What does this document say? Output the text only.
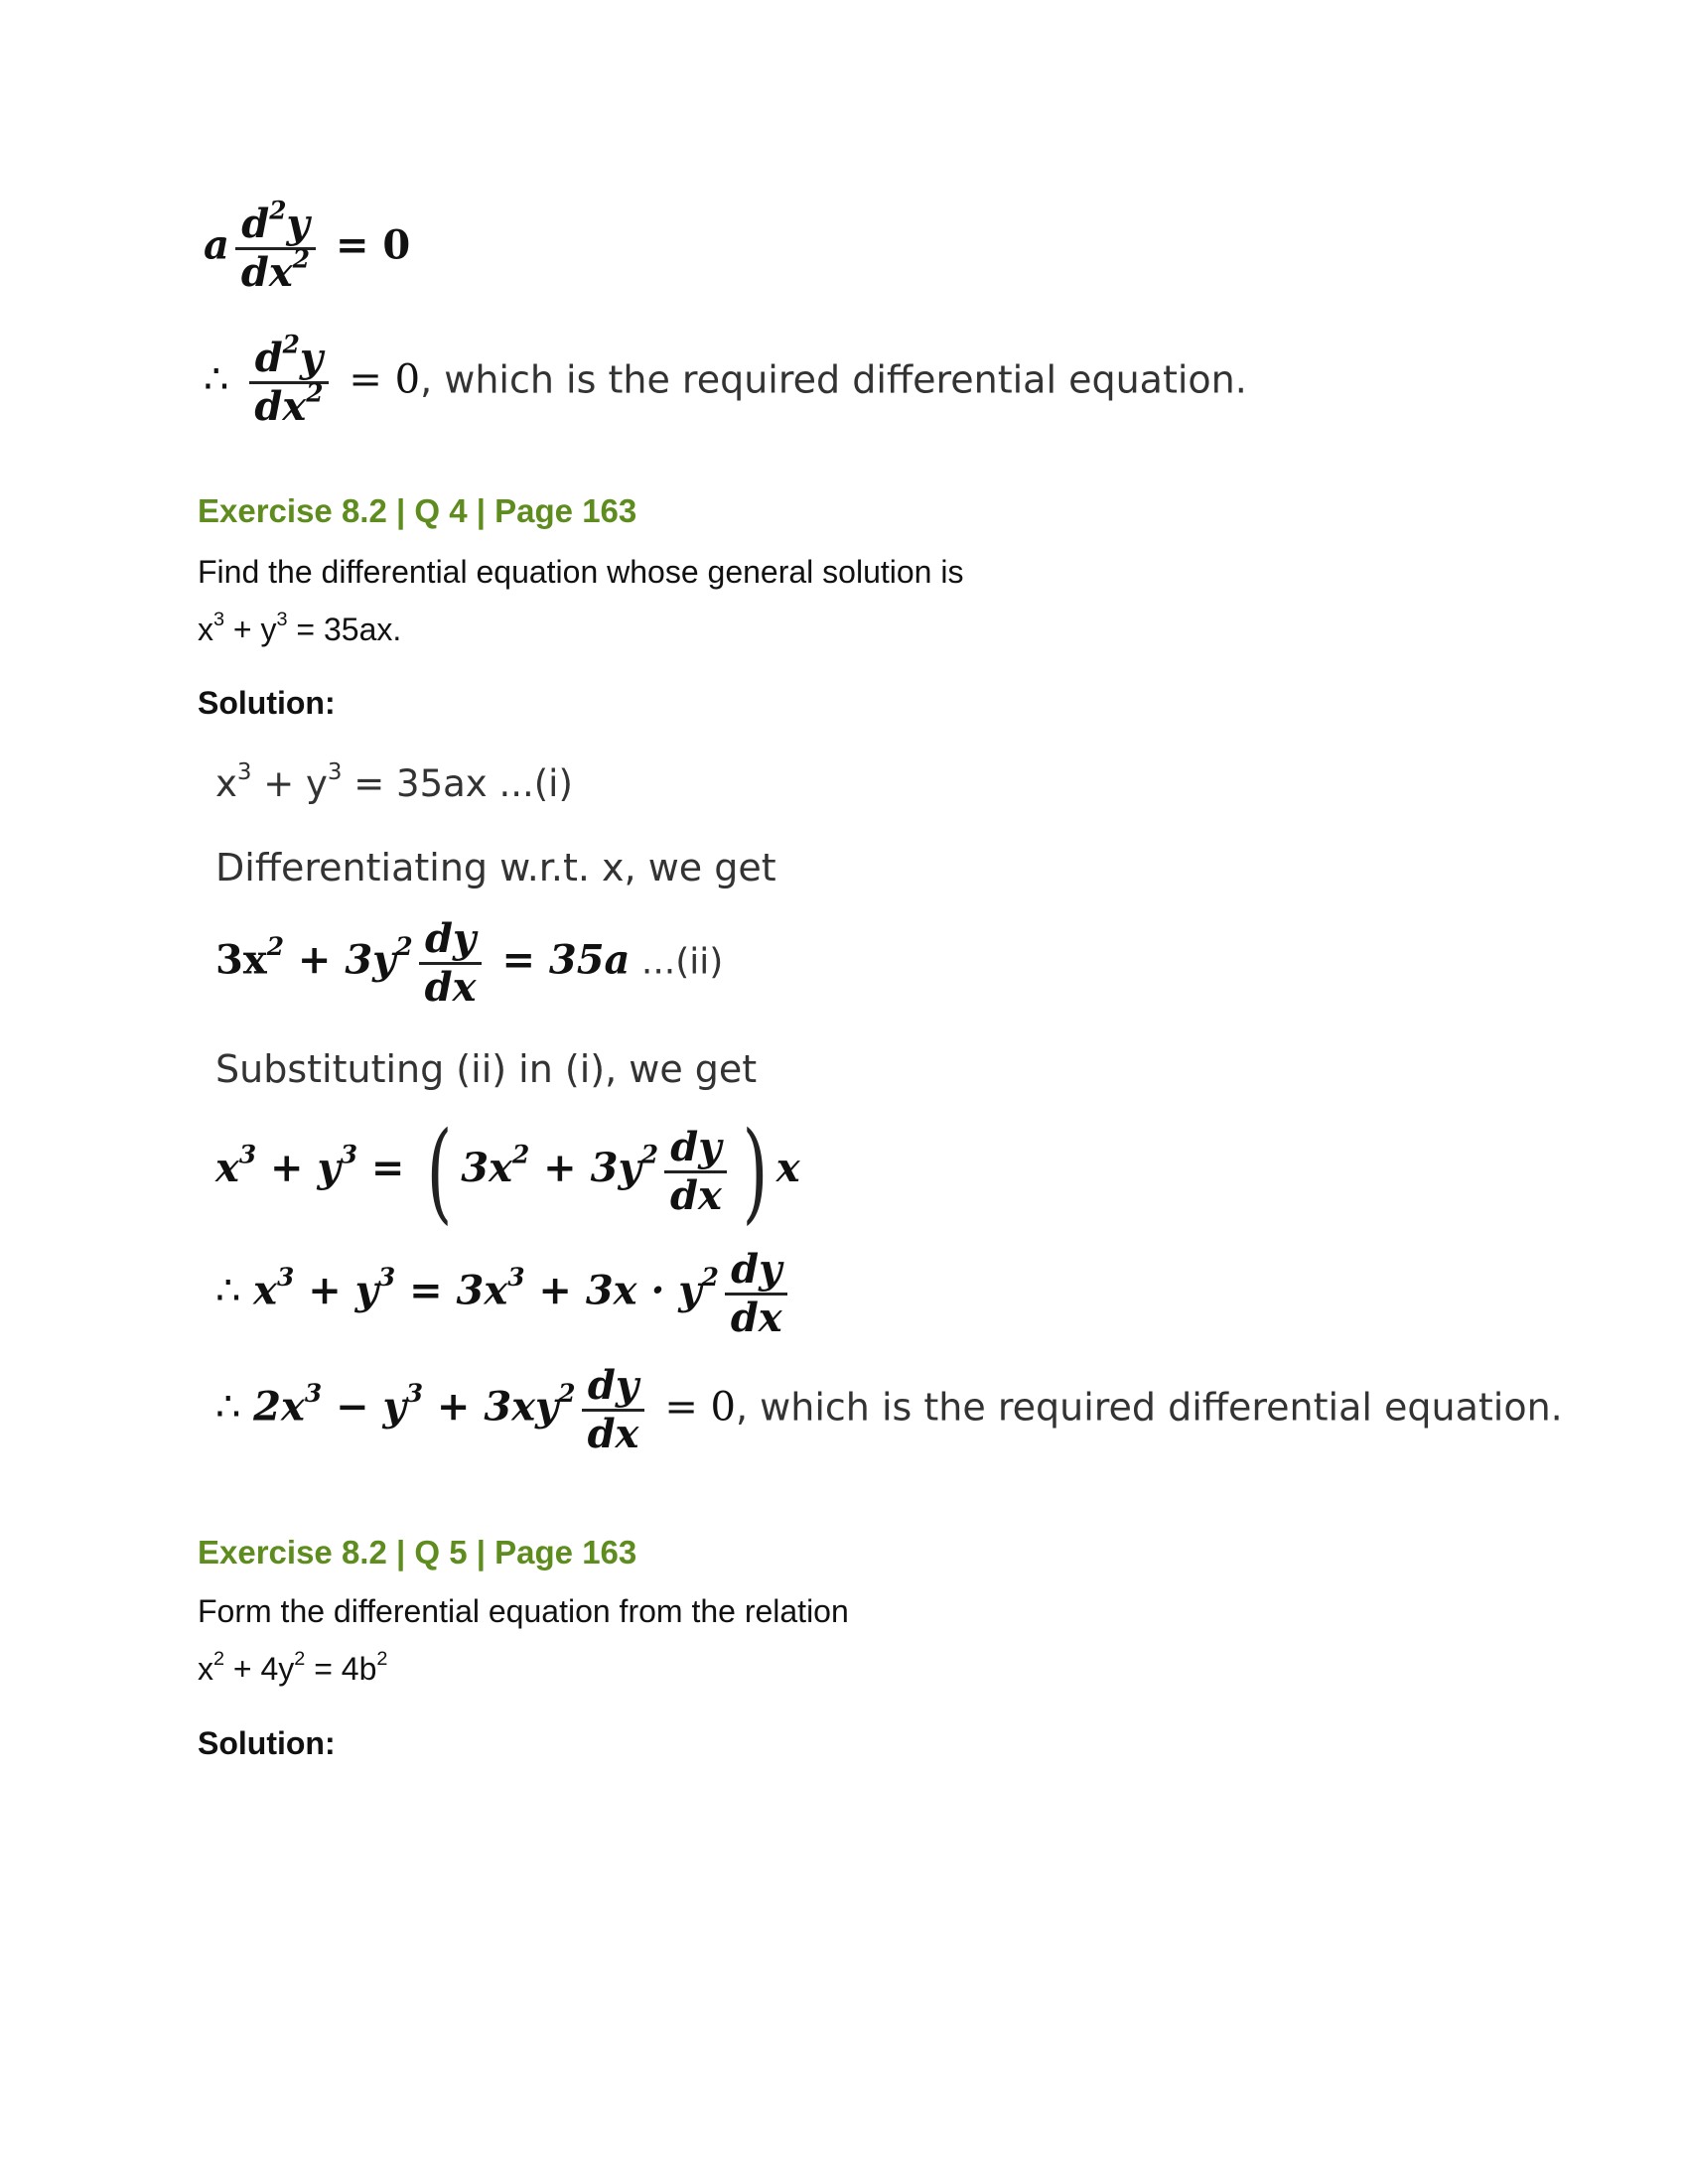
a $\frac{d^2y}{dx^2} = 0$
∴ $\frac{d^2y}{dx^2} = 0$, which is the required differential equation.
Exercise 8.2 | Q 4 | Page 163
Find the differential equation whose general solution is
$x^3 + y^3 = 35ax$.
Solution:
$x^3 + y^3 = 35ax$ ...(i)
Differentiating w.r.t. x, we get
$3x^2 + 3y^2 \frac{dy}{dx} = 35a$ ...(ii)
Substituting (ii) in (i), we get
$x^3 + y^3$ = ( $3x^2 + 3y^2 \frac{dy}{dx}$ ) x
∴ $x^3 + y^3 = 3x^3 + 3x \cdot y^2 \frac{dy}{dx}$
∴ $2x^3 - y^3 + 3xy^2 \frac{dy}{dx} = 0$, which is the required differential equation.
Exercise 8.2 | Q 5 | Page 163
Form the differential equation from the relation
$x^2 + 4y^2 = 4b^2$
Solution:
